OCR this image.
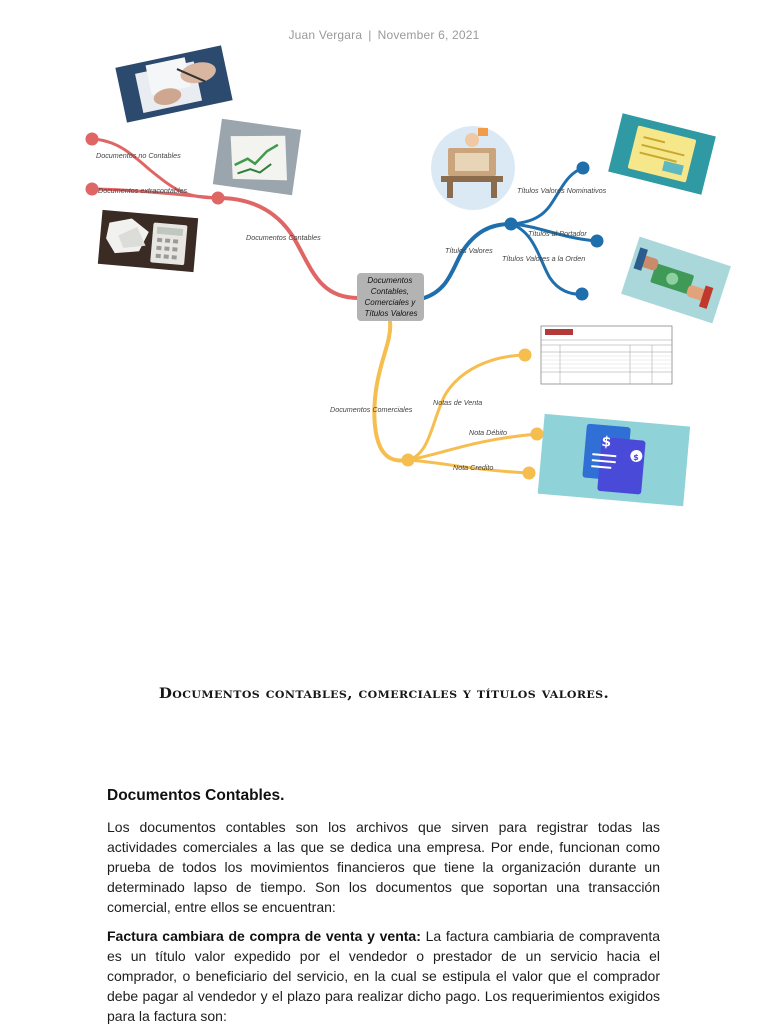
Juan Vergara | November 6, 2021
Documentos Contables, Comerciales y Títulos Valores
Documentos no Contables
Documentos extracontables
Documentos Contables
Títulos Valores
Títulos Valores Nominativos
Títulos al Portador
Títulos Valores a la Orden
Documentos Comerciales
Notas de Venta
Nota Débito
Nota Credito
$
$
Documentos contables, comerciales y títulos valores.
Documentos Contables.

Los documentos contables son los archivos que sirven para registrar todas las actividades comerciales a las que se dedica una empresa. Por ende, funcionan como prueba de todos los movimientos financieros que tiene la organización durante un determinado lapso de tiempo. Son los documentos que soportan una transacción comercial, entre ellos se encuentran:

Factura cambiara de compra de venta y venta: La factura cambiaria de compraventa es un título valor expedido por el vendedor o prestador de un servicio hacia el comprador, o beneficiario del servicio, en la cual se estipula el valor que el comprador debe pagar al vendedor y el plazo para realizar dicho pago. Los requerimientos exigidos para la factura son:
